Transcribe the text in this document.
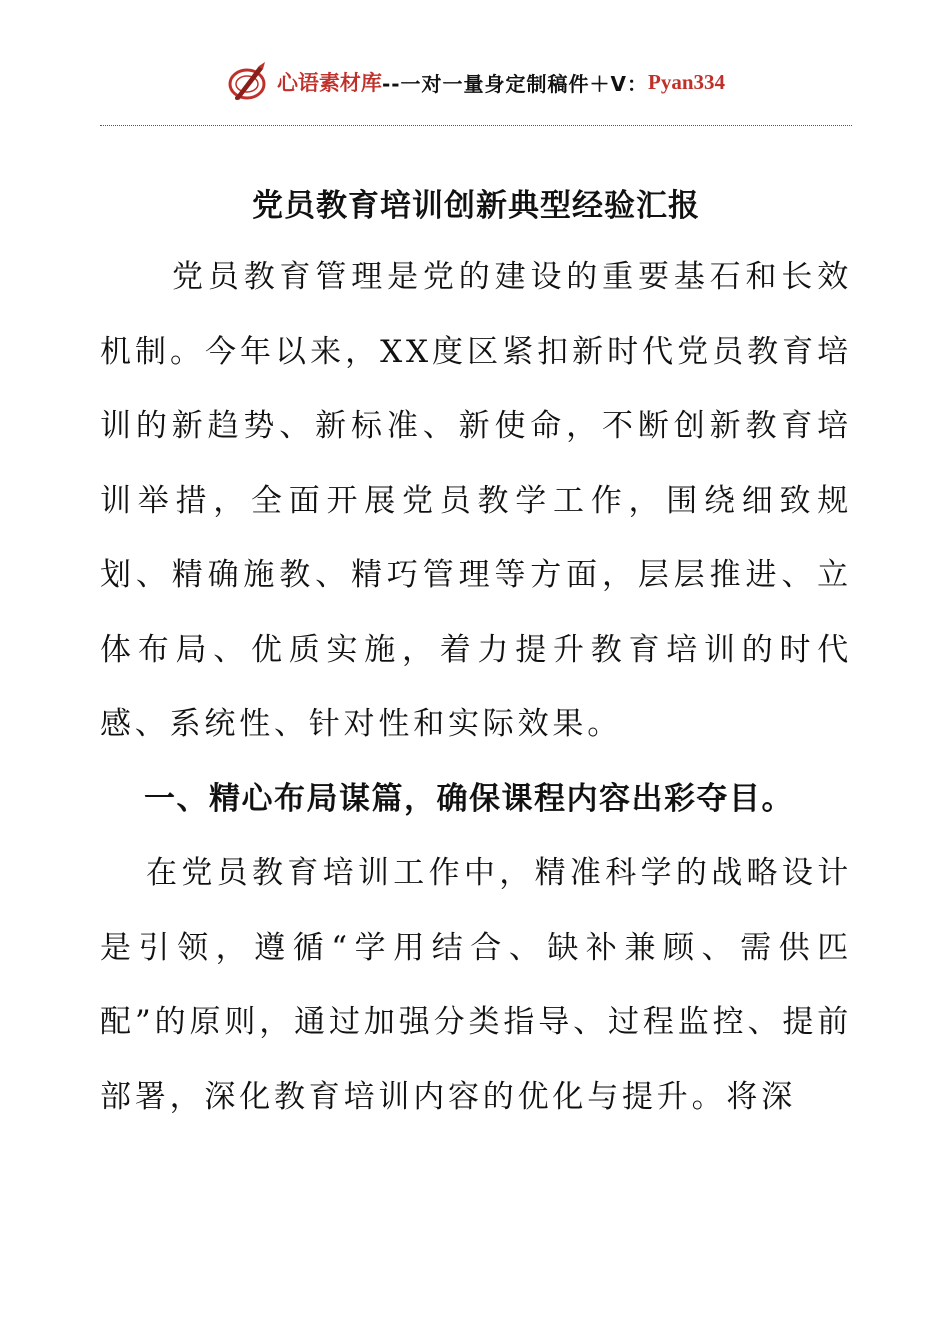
心语素材库 --一对一量身定制稿件＋V： Pyan334
党员教育培训创新典型经验汇报

党员教育管理是党的建设的重要基石和长效机制。今年以来，XX度区紧扣新时代党员教育培训的新趋势、新标准、新使命，不断创新教育培训举措，全面开展党员教学工作，围绕细致规划、精确施教、精巧管理等方面，层层推进、立体布局、优质实施，着力提升教育培训的时代感、系统性、针对性和实际效果。

一、精心布局谋篇，确保课程内容出彩夺目。

在党员教育培训工作中，精准科学的战略设计是引领，遵循“学用结合、缺补兼顾、需供匹配”的原则，通过加强分类指导、过程监控、提前部署，深化教育培训内容的优化与提升。将深
